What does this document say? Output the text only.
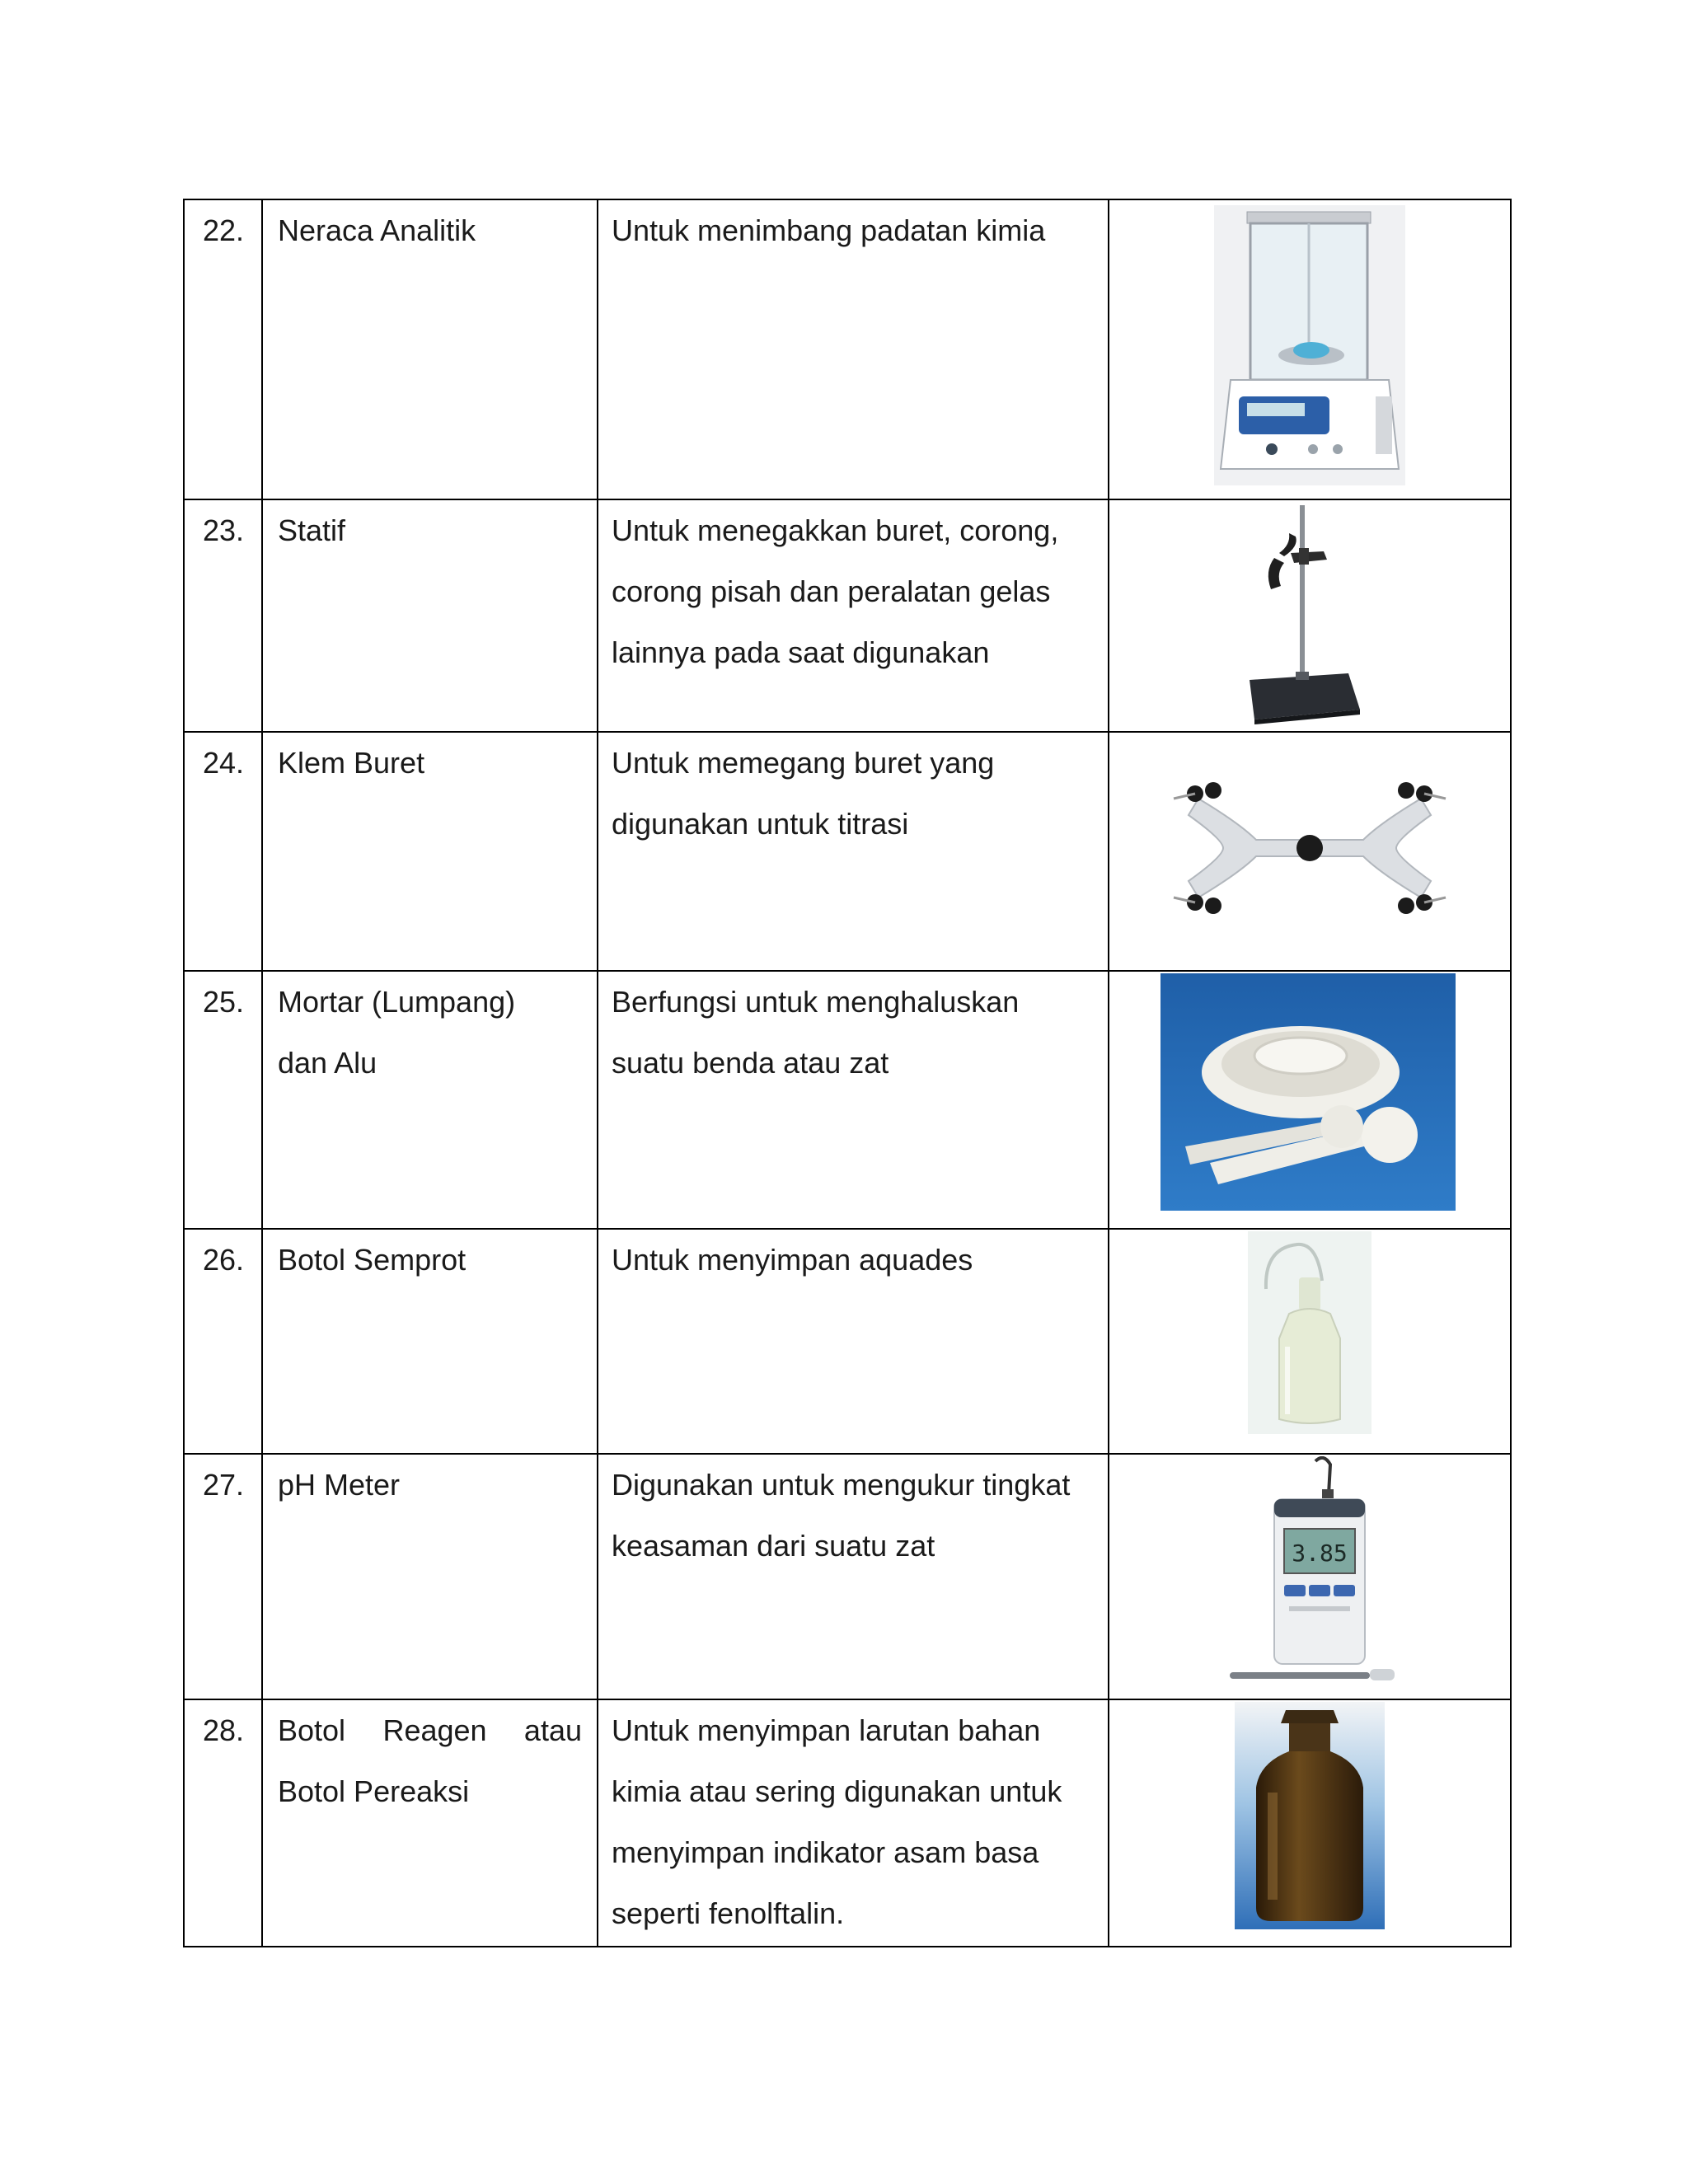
22.	Neraca Analitik	Untuk menimbang padatan kimia

23.	Statif	Untuk menegakkan buret, corong,
corong pisah dan peralatan gelas
lainnya pada saat digunakan

24.	Klem Buret	Untuk memegang buret yang
digunakan untuk titrasi

25.	Mortar (Lumpang)
dan Alu	Berfungsi untuk menghaluskan
suatu benda atau zat

26.	Botol Semprot	Untuk menyimpan aquades

27.	pH Meter	Digunakan untuk mengukur tingkat
keasaman dari suatu zat	3.85

28.	Botol Reagen atau
Botol Pereaksi	Untuk menyimpan larutan bahan
kimia atau sering digunakan untuk
menyimpan indikator asam basa
seperti fenolftalin.
